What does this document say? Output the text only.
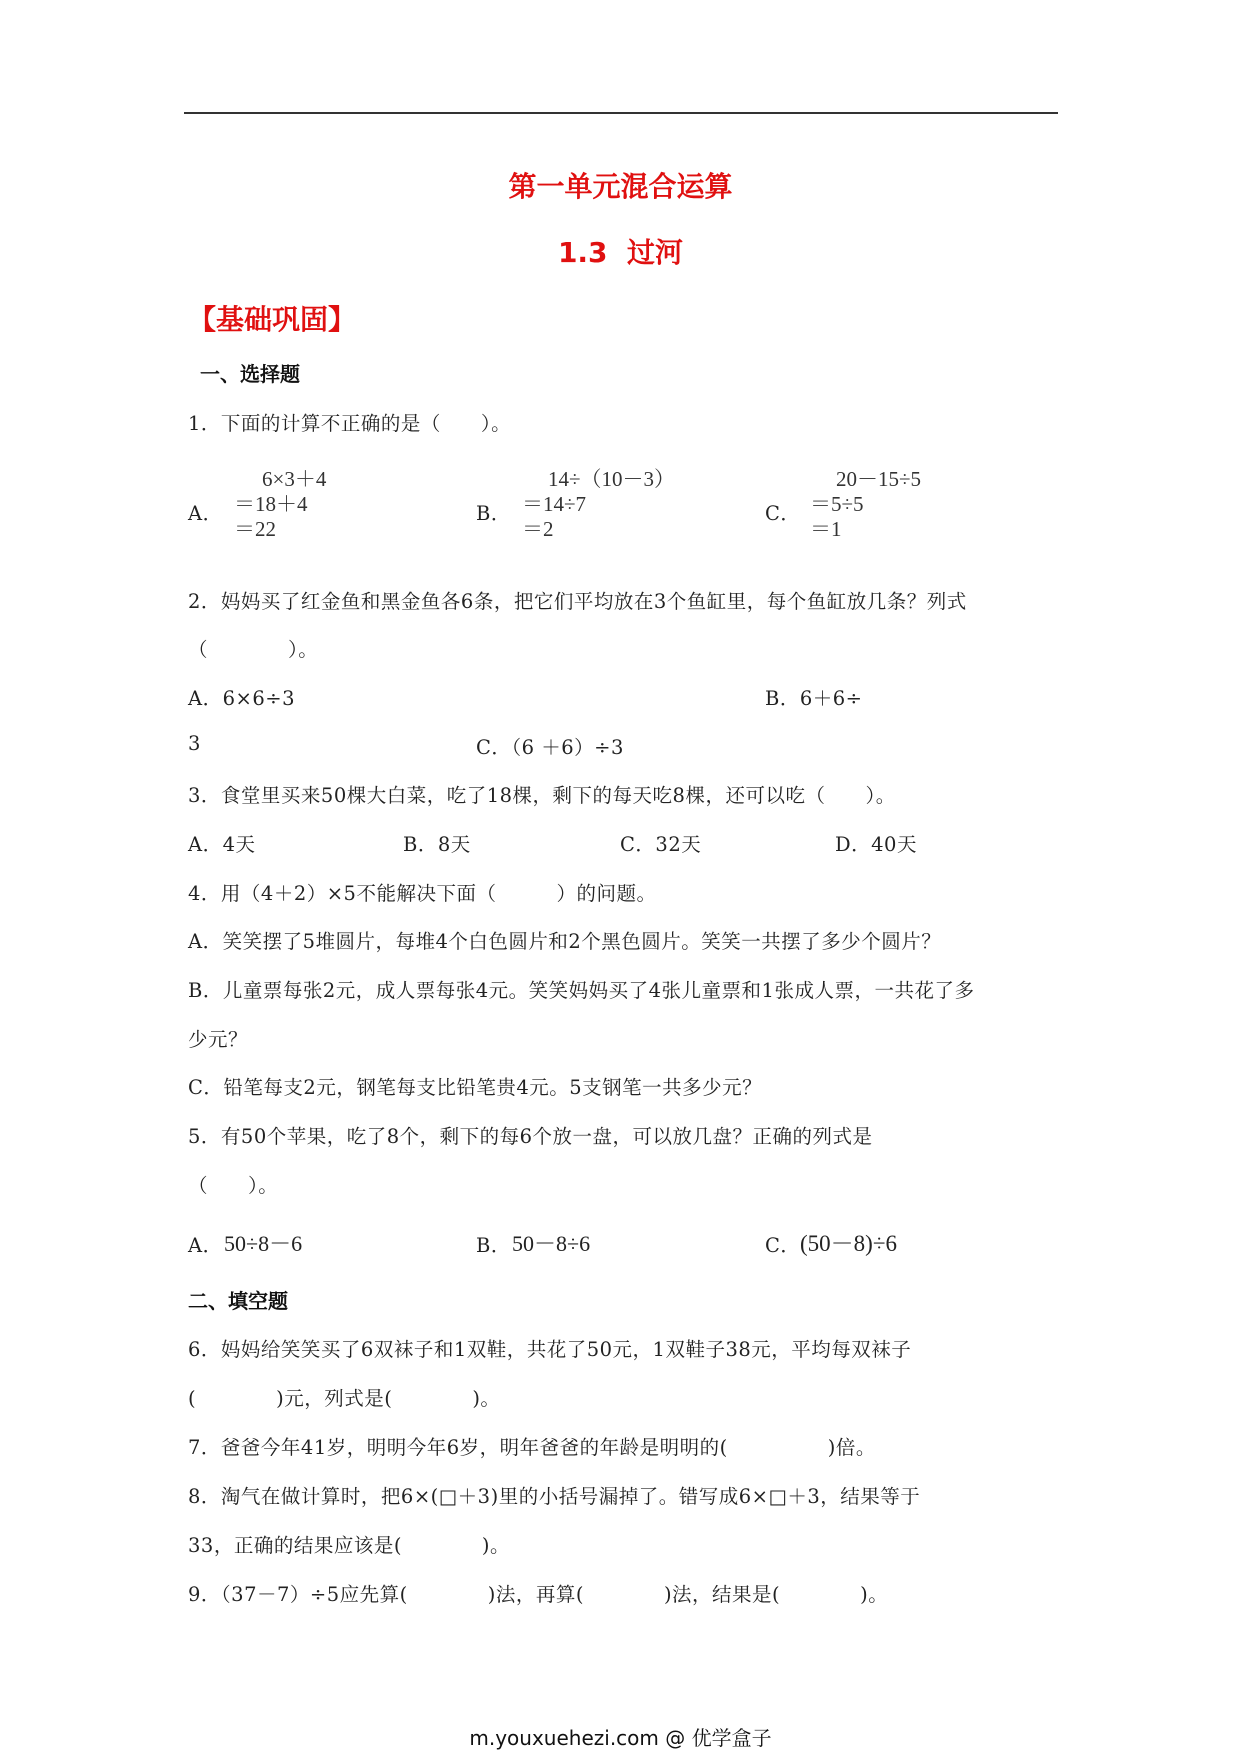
第一单元混合运算
1.3  过河
【基础巩固】
一、选择题
1．下面的计算不正确的是（　　）。
A．
6×3＋4
＝18＋4
＝22
B．
14÷（10－3）
＝14÷7
＝2
C．
20－15÷5
＝5÷5
＝1
2．妈妈买了红金鱼和黑金鱼各6条，把它们平均放在3个鱼缸里，每个鱼缸放几条？列式
（　　　　）。
A．6×6÷3	B．6＋6÷
3	C．（6 ＋6）÷3
3．食堂里买来50棵大白菜，吃了18棵，剩下的每天吃8棵，还可以吃（　　）。
A．4天	B．8天	C．32天	D．40天
4．用（4＋2）×5不能解决下面（　　　）的问题。
A．笑笑摆了5堆圆片，每堆4个白色圆片和2个黑色圆片。笑笑一共摆了多少个圆片？
B．儿童票每张2元，成人票每张4元。笑笑妈妈买了4张儿童票和1张成人票，一共花了多
少元？
C．铅笔每支2元，钢笔每支比铅笔贵4元。5支钢笔一共多少元？
5．有50个苹果，吃了8个，剩下的每6个放一盘，可以放几盘？正确的列式是
（　　）。
A． 50÷8－6	B． 50－8÷6	C． (50－8)÷6
二、填空题
6．妈妈给笑笑买了6双袜子和1双鞋，共花了50元，1双鞋子38元，平均每双袜子
(　　　　)元，列式是(　　　　)。
7．爸爸今年41岁，明明今年6岁，明年爸爸的年龄是明明的(　　　　　)倍。
8．淘气在做计算时，把6×(□＋3)里的小括号漏掉了。错写成6×□＋3，结果等于
33，正确的结果应该是(　　　　)。
9．（37－7）÷5应先算(　　　　)法，再算(　　　　)法，结果是(　　　　)。
m.youxuehezi.com @ 优学盒子
